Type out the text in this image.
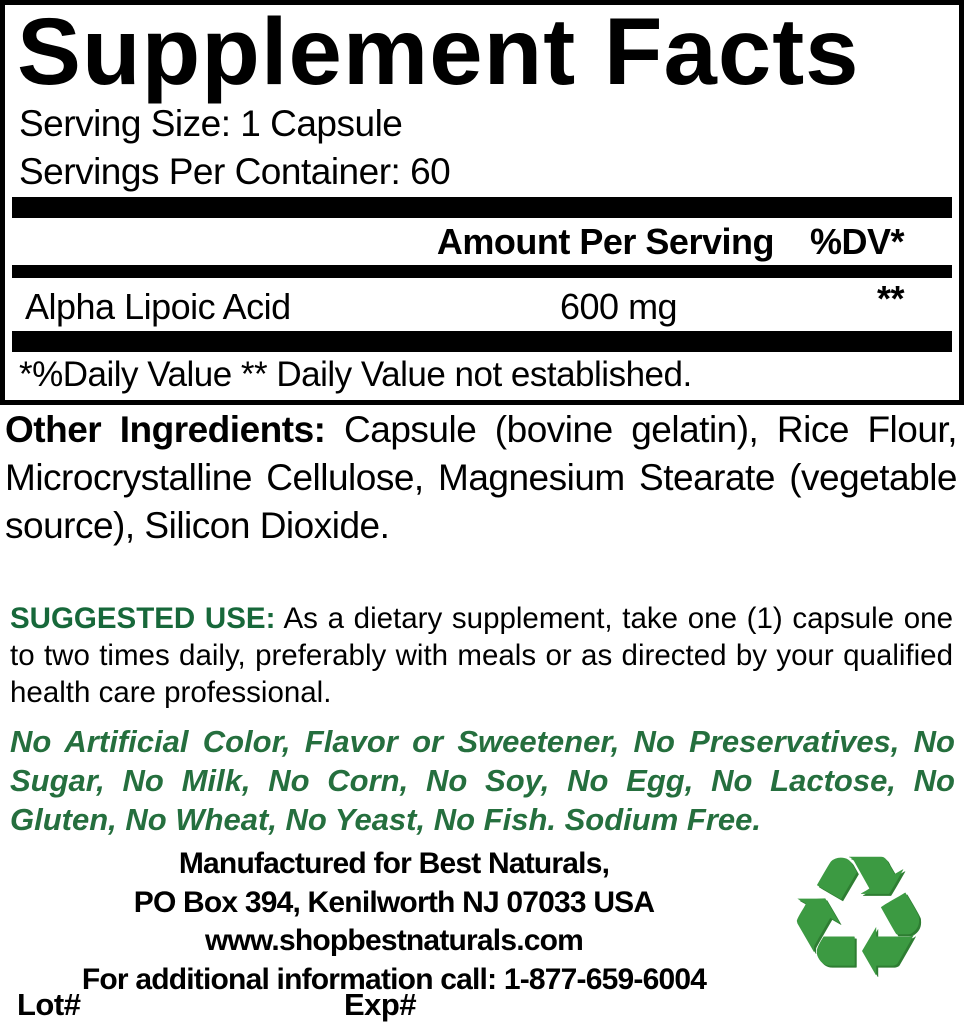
Supplement Facts
Serving Size: 1 Capsule
Servings Per Container: 60
Amount Per Serving %DV*
Alpha Lipoic Acid	600 mg	**
*%Daily Value ** Daily Value not established.
Other Ingredients: Capsule (bovine gelatin), Rice Flour, Microcrystalline Cellulose, Magnesium Stearate (vegetable source), Silicon Dioxide.
SUGGESTED USE: As a dietary supplement, take one (1) capsule one to two times daily, preferably with meals or as directed by your qualified health care professional.
No Artificial Color, Flavor or Sweetener, No Preservatives, No Sugar, No Milk, No Corn, No Soy, No Egg, No Lactose, No Gluten, No Wheat, No Yeast, No Fish. Sodium Free.
Manufactured for Best Naturals,
PO Box 394, Kenilworth NJ 07033 USA
www.shopbestnaturals.com
For additional information call: 1-877-659-6004
Lot#	Exp# ♻
